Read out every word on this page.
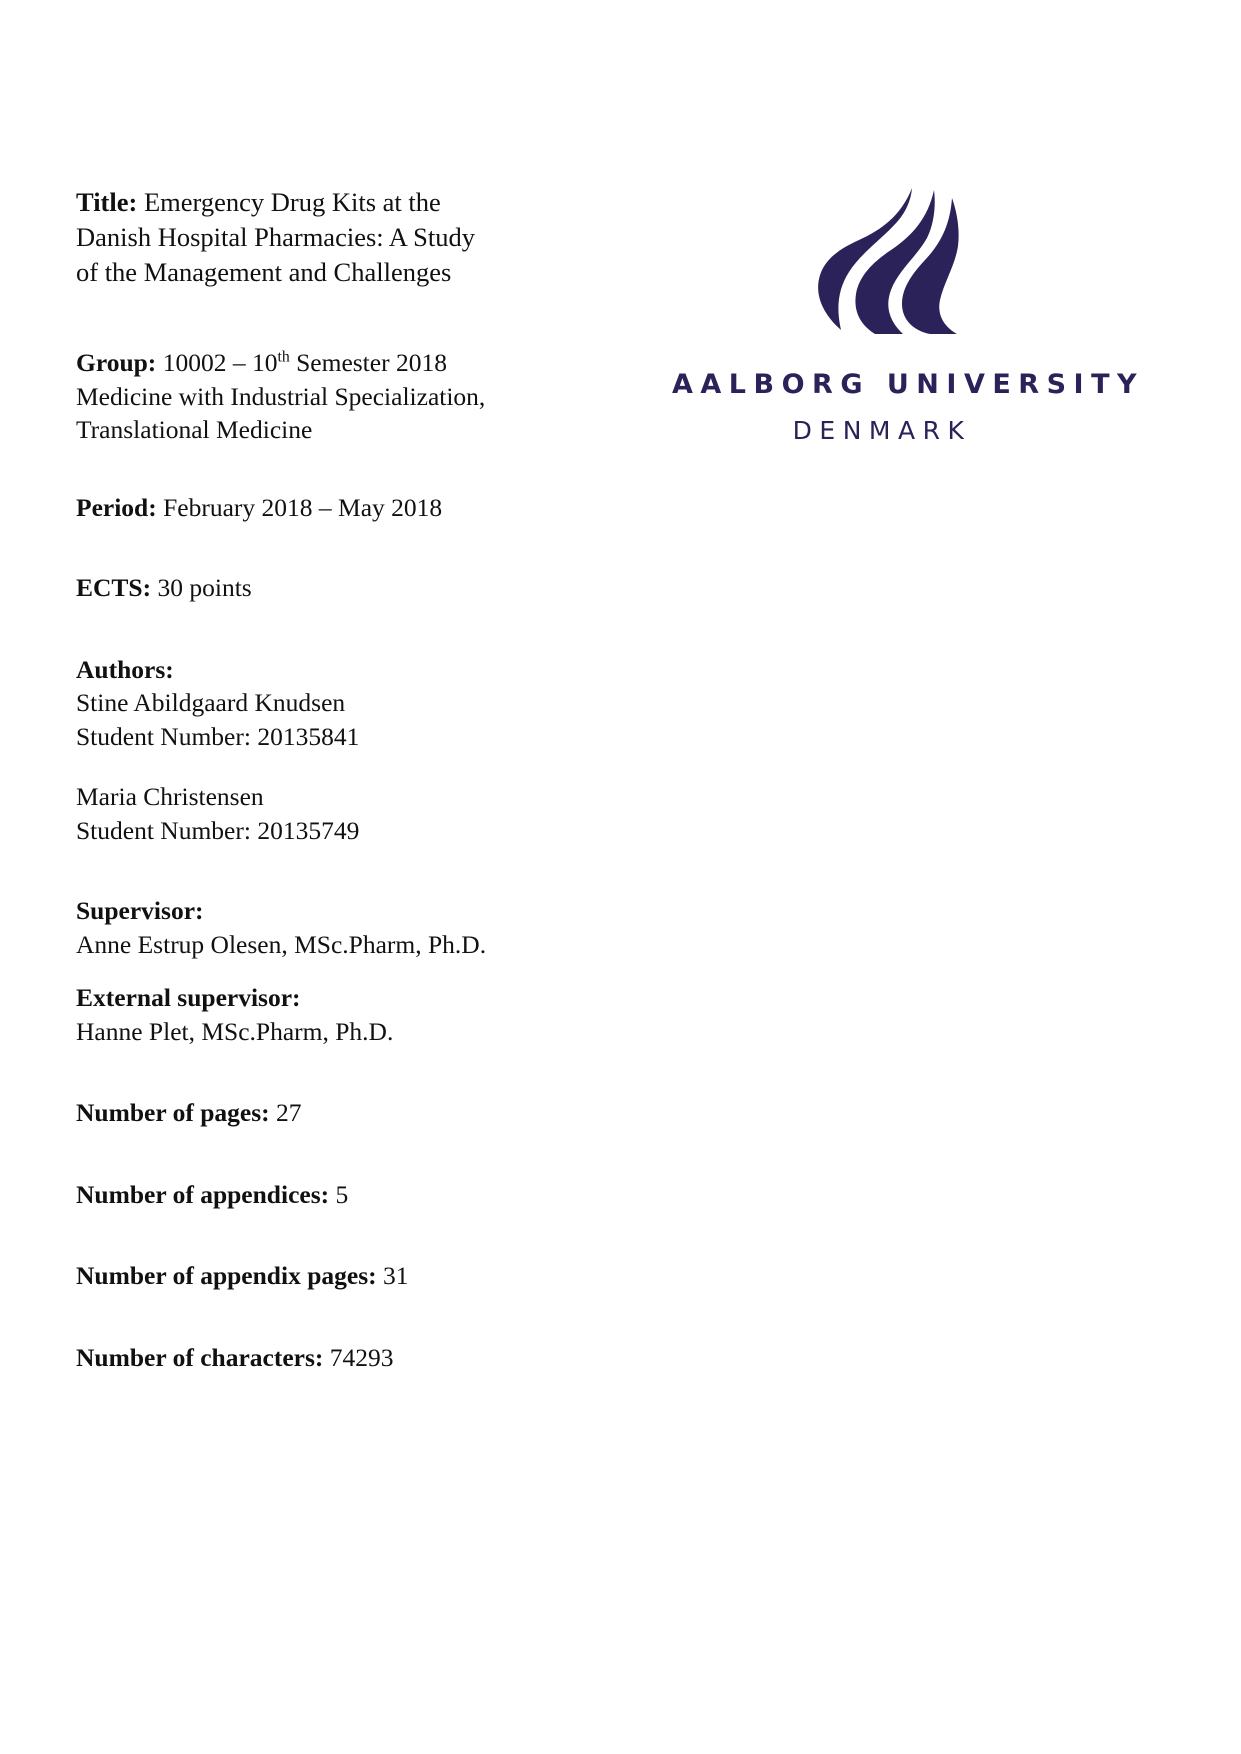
Title: Emergency Drug Kits at the
Danish Hospital Pharmacies: A Study
of the Management and Challenges
Group: 10002 – 10th Semester 2018
Medicine with Industrial Specialization,
Translational Medicine
Period: February 2018 – May 2018
ECTS: 30 points
Authors:
Stine Abildgaard Knudsen
Student Number: 20135841
Maria Christensen
Student Number: 20135749
Supervisor:
Anne Estrup Olesen, MSc.Pharm, Ph.D.
External supervisor:
Hanne Plet, MSc.Pharm, Ph.D.
Number of pages: 27
Number of appendices: 5
Number of appendix pages: 31
Number of characters: 74293
AALBORG UNIVERSITY
DENMARK
